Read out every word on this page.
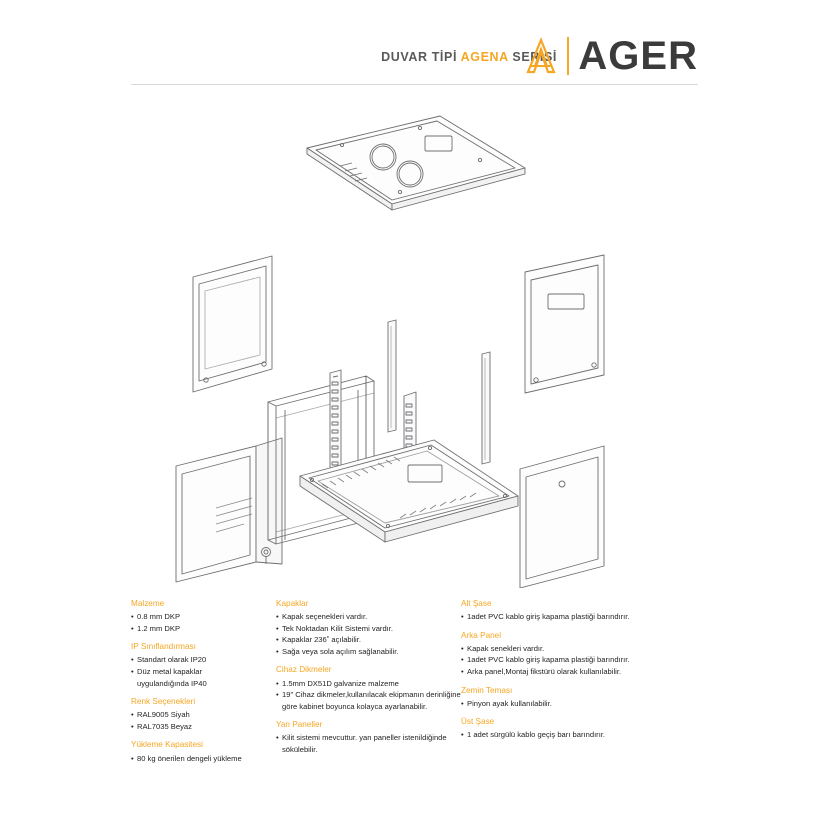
DUVAR TİPİ AGENA SERİSİ AGER
Malzeme
• 0.8 mm DKP
• 1.2 mm DKP
IP Sınıflandırması
• Standart olarak IP20
• Düz metal kapaklar uygulandığında IP40
Renk Seçenekleri
• RAL9005 Siyah
• RAL7035 Beyaz
Yükleme Kapasitesi
• 80 kg önerilen dengeli yükleme
Kapaklar
• Kapak seçenekleri vardır.
• Tek Noktadan Kilit Sistemi vardır.
• Kapaklar 236˚ açılabilir.
• Sağa veya sola açılım sağlanabilir.
Cihaz Dikmeler
• 1.5mm DX51D galvanize malzeme
• 19" Cihaz dikmeler,kullanılacak ekipmanın derinliğine göre kabinet boyunca kolayca ayarlanabilir.
Yan Paneller
• Kilit sistemi mevcuttur. yan paneller istenildiğinde sökülebilir.
Alt Şase
• 1adet PVC kablo giriş kapama plastiği barındırır.
Arka Panel
• Kapak senekleri vardır.
• 1adet PVC kablo giriş kapama plastiği barındırır.
• Arka panel,Montaj fikstürü olarak kullanılabilir.
Zemin Teması
• Pinyon ayak kullanılabilir.
Üst Şase
• 1 adet sürgülü kablo geçiş barı barındırır.
